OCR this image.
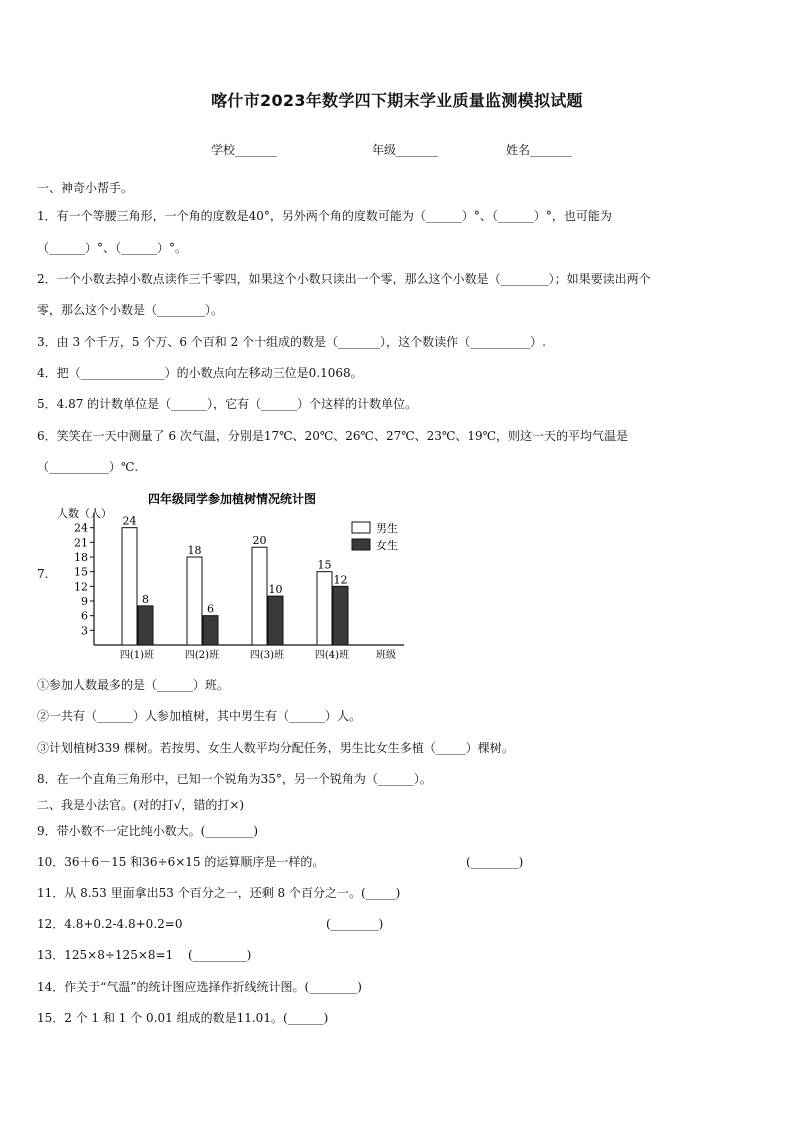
喀什市2023年数学四下期末学业质量监测模拟试题
学校_______	年级_______	姓名_______
一、神奇小帮手。
1．有一个等腰三角形，一个角的度数是40°，另外两个角的度数可能为（______）°、（______）°，也可能为
（______）°、（______）°。
2．一个小数去掉小数点读作三千零四，如果这个小数只读出一个零，那么这个小数是（________）；如果要读出两个
零，那么这个小数是（________）。
3．由 3 个千万，5 个万、6 个百和 2 个十组成的数是（_______），这个数读作（__________）.
4．把（______________）的小数点向左移动三位是0.1068。
5．4.87 的计数单位是（______），它有（______）个这样的计数单位。
6．笑笑在一天中测量了 6 次气温，分别是17℃、20℃、26℃、27℃、23℃、19℃，则这一天的平均气温是
（__________）℃.
7.
四年级同学参加植树情况统计图
人数（人）
班级
3
6
9
12
15
18
21
24
24
8
18
6
20
10
15
12
四(1)班	四(2)班	四(3)班	四(4)班
男生
女生
①参加人数最多的是（______）班。
②一共有（______）人参加植树，其中男生有（______）人。
③计划植树339 棵树。若按男、女生人数平均分配任务，男生比女生多植（_____）棵树。
8．在一个直角三角形中，已知一个锐角为35°，另一个锐角为（______）。
二、我是小法官。(对的打√，错的打×)
9．带小数不一定比纯小数大。(________)
10．36＋6－15 和36÷6×15 的运算顺序是一样的。	(________)
11．从 8.53 里面拿出53 个百分之一，还剩 8 个百分之一。(_____)
12．4.8+0.2-4.8+0.2=0	(________)
13．125×8÷125×8=1 (_________)
14．作关于“气温”的统计图应选择作折线统计图。(________)
15．2 个 1 和 1 个 0.01 组成的数是11.01。(______)
